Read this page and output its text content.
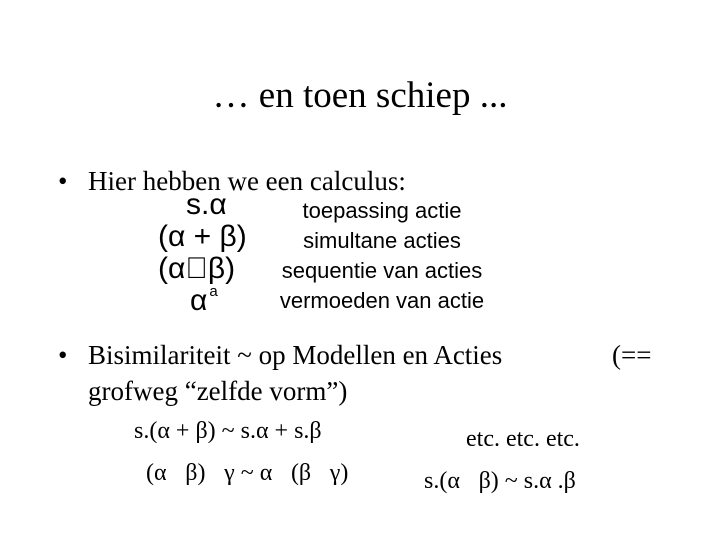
… en toen schiep ...
• Hier hebben we een calculus:
s.α	toepassing actie
(α + β)	simultane acties
(α β)	sequentie van acties
α $^a$	vermoeden van actie
• Bisimilariteit ~ op Modellen en Acties	(==
grofweg “zelfde vorm”)
s.(α + β) ~ s.α + s.β
(α β) γ ~ α (β γ)
etc. etc. etc.
s.(α β) ~ s.α .β
